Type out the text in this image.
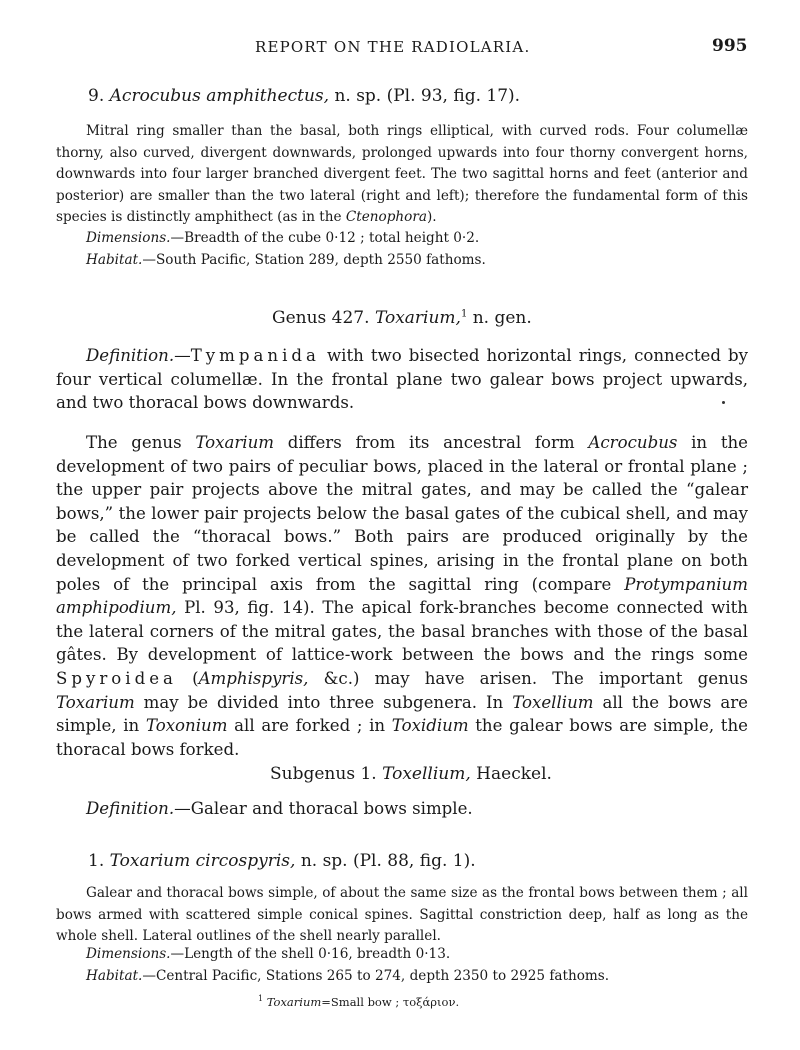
REPORT ON THE RADIOLARIA.	995
9. Acrocubus amphithectus, n. sp. (Pl. 93, fig. 17).
Mitral ring smaller than the basal, both rings elliptical, with curved rods. Four columellæ thorny, also curved, divergent downwards, prolonged upwards into four thorny convergent horns, downwards into four larger branched divergent feet. The two sagittal horns and feet (anterior and posterior) are smaller than the two lateral (right and left); therefore the fundamental form of this species is distinctly amphithect (as in the Ctenophora).
Dimensions.—Breadth of the cube 0·12 ; total height 0·2.
Habitat.—South Pacific, Station 289, depth 2550 fathoms.
Genus 427. Toxarium,$^1$ n. gen.
Definition.—Tympanida with two bisected horizontal rings, connected by four vertical columellæ. In the frontal plane two galear bows project upwards, and two thoracal bows downwards.
The genus Toxarium differs from its ancestral form Acrocubus in the development of two pairs of peculiar bows, placed in the lateral or frontal plane ; the upper pair projects above the mitral gates, and may be called the “galear bows,” the lower pair projects below the basal gates of the cubical shell, and may be called the “thoracal bows.” Both pairs are produced originally by the development of two forked vertical spines, arising in the frontal plane on both poles of the principal axis from the sagittal ring (compare Protympanium amphipodium, Pl. 93, fig. 14). The apical fork-branches become connected with the lateral corners of the mitral gates, the basal branches with those of the basal gâtes. By development of lattice-work between the bows and the rings some Spyroidea (Amphispyris, &c.) may have arisen. The important genus Toxarium may be divided into three subgenera. In Toxellium all the bows are simple, in Toxonium all are forked ; in Toxidium the galear bows are simple, the thoracal bows forked.
Subgenus 1. Toxellium, Haeckel.
Definition.—Galear and thoracal bows simple.
1. Toxarium circospyris, n. sp. (Pl. 88, fig. 1).
Galear and thoracal bows simple, of about the same size as the frontal bows between them ; all bows armed with scattered simple conical spines. Sagittal constriction deep, half as long as the whole shell. Lateral outlines of the shell nearly parallel.
Dimensions.—Length of the shell 0·16, breadth 0·13.
Habitat.—Central Pacific, Stations 265 to 274, depth 2350 to 2925 fathoms.
$^1$ Toxarium=Small bow ; τοξάριον.
